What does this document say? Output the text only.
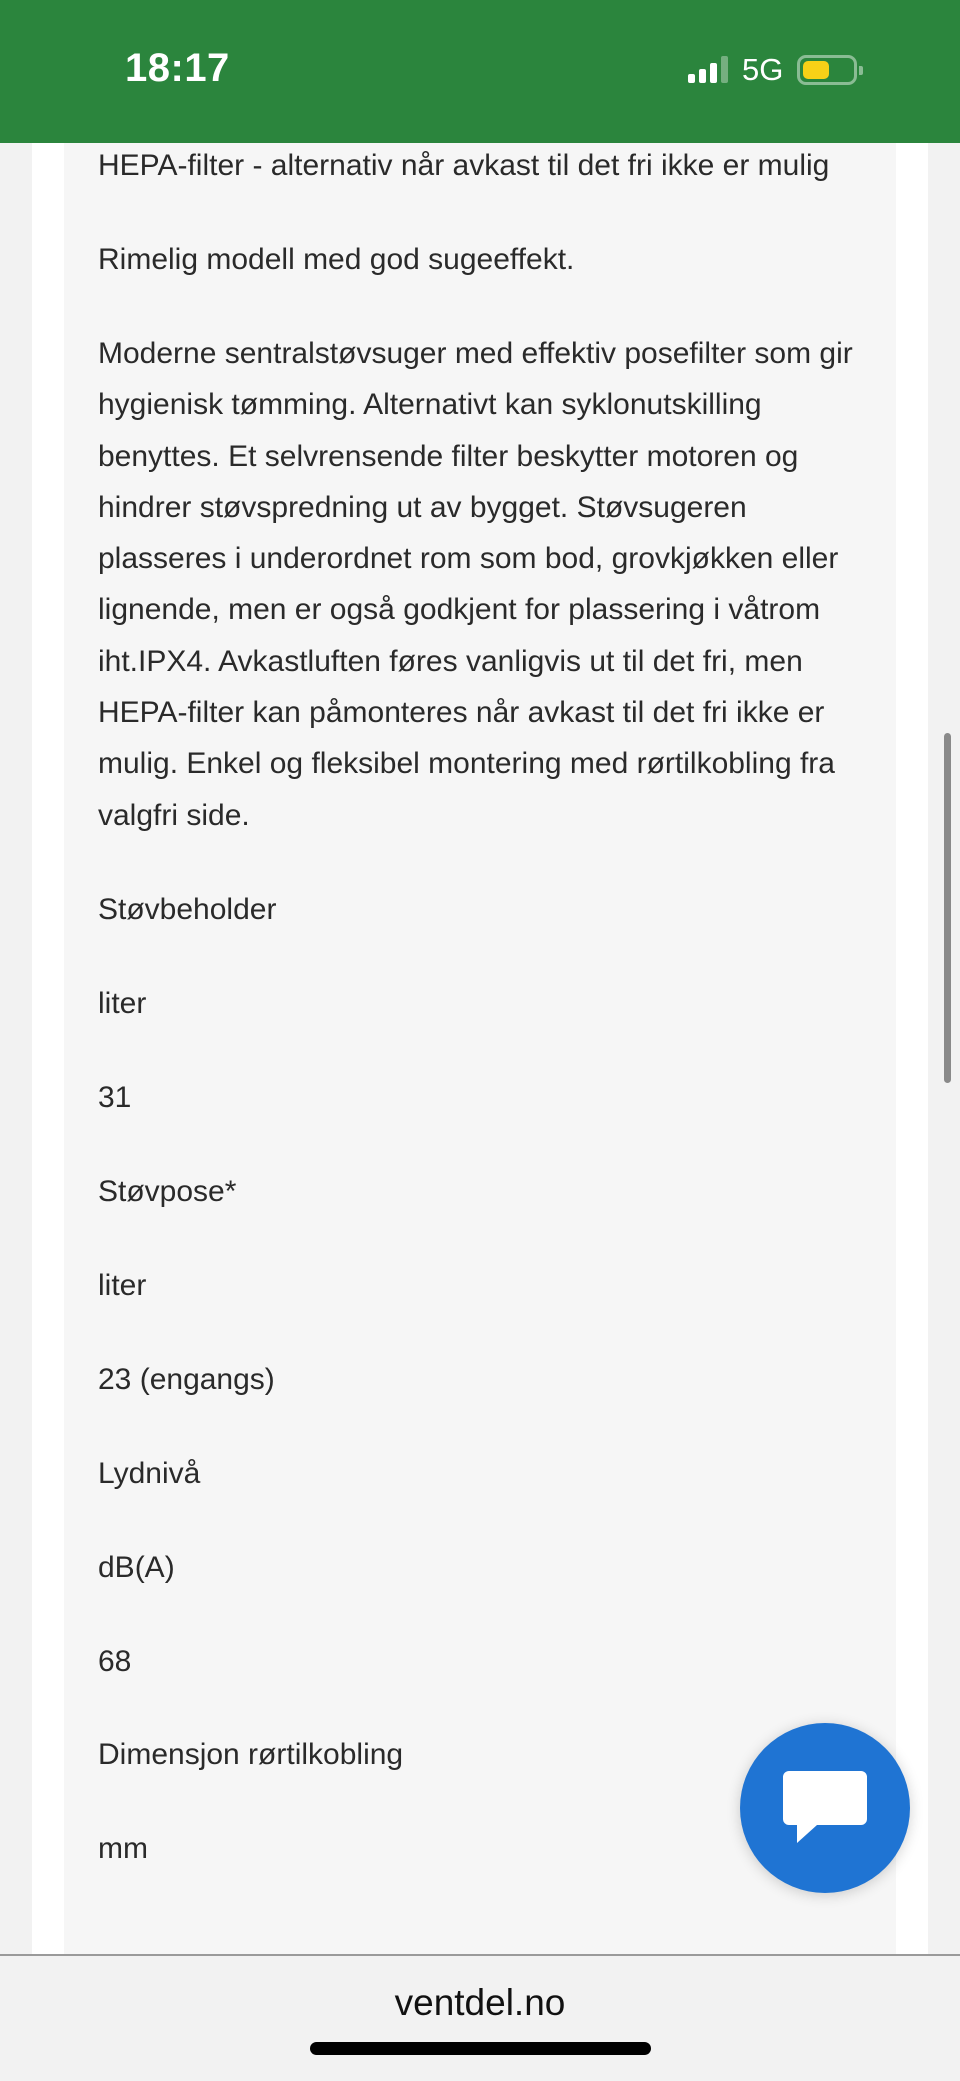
18:17	5G

HEPA-filter - alternativ når avkast til det fri ikke er mulig

Rimelig modell med god sugeeffekt.

Moderne sentralstøvsuger med effektiv posefilter som gir hygienisk tømming. Alternativt kan syklonutskilling benyttes. Et selvrensende filter beskytter motoren og hindrer støvspredning ut av bygget. Støvsugeren plasseres i underordnet rom som bod, grovkjøkken eller lignende, men er også godkjent for plassering i våtrom iht.IPX4. Avkastluften føres vanligvis ut til det fri, men HEPA-filter kan påmonteres når avkast til det fri ikke er mulig. Enkel og fleksibel montering med rørtilkobling fra valgfri side.

Støvbeholder

liter

31

Støvpose*

liter

23 (engangs)

Lydnivå

dB(A)

68

Dimensjon rørtilkobling

mm

ventdel.no
